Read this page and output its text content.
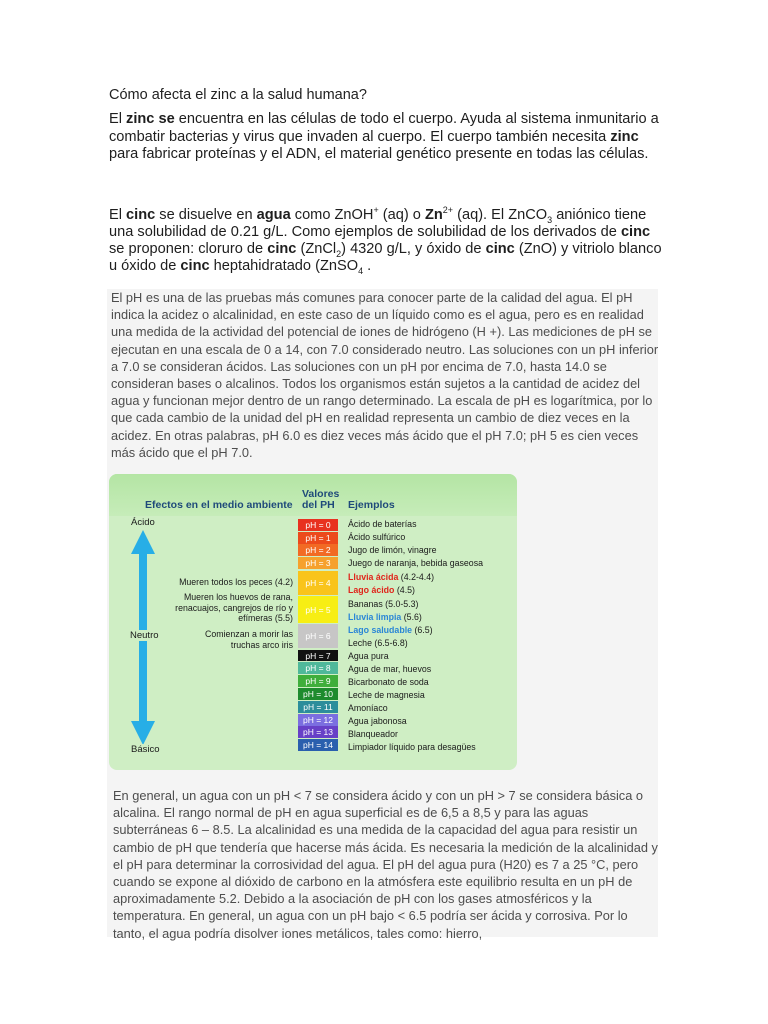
Cómo afecta el zinc a la salud humana?
El zinc se encuentra en las células de todo el cuerpo. Ayuda al sistema inmunitario a combatir bacterias y virus que invaden al cuerpo. El cuerpo también necesita zinc para fabricar proteínas y el ADN, el material genético presente en todas las células.
El cinc se disuelve en agua como ZnOH+ (aq) o $Zn^{2+}$ (aq). El ZnCO$_3$ aniónico tiene una solubilidad de 0.21 g/L. Como ejemplos de solubilidad de los derivados de cinc se proponen: cloruro de cinc (ZnCl$_2$) 4320 g/L, y óxido de cinc (ZnO) y vitriolo blanco u óxido de cinc heptahidratado (ZnSO$_4$ .
El pH es una de las pruebas más comunes para conocer parte de la calidad del agua. El pH indica la acidez o alcalinidad, en este caso de un líquido como es el agua, pero es en realidad una medida de la actividad del potencial de iones de hidrógeno (H +). Las mediciones de pH se ejecutan en una escala de 0 a 14, con 7.0 considerado neutro. Las soluciones con un pH inferior a 7.0 se consideran ácidos. Las soluciones con un pH por encima de 7.0, hasta 14.0 se consideran bases o alcalinos. Todos los organismos están sujetos a la cantidad de acidez del agua y funcionan mejor dentro de un rango determinado. La escala de pH es logarítmica, por lo que cada cambio de la unidad del pH en realidad representa un cambio de diez veces en la acidez. En otras palabras, pH 6.0 es diez veces más ácido que el pH 7.0; pH 5 es cien veces más ácido que el pH 7.0.
Efectos en el medio ambiente
Valores
del PH	Ejemplos
Ácido
Neutro
Básico
Mueren todos los peces (4.2)
Mueren los huevos de rana, renacuajos, cangrejos de río y efímeras (5.5)
Comienzan a morir las truchas arco iris
pH = 0
pH = 1
pH = 2
pH = 3
pH = 4
pH = 5
pH = 6
pH = 7
pH = 8
pH = 9
pH = 10
pH = 11
pH = 12
pH = 13
pH = 14
Ácido de baterías
Ácido sulfúrico
Jugo de limón, vinagre
Juego de naranja, bebida gaseosa
Lluvia ácida (4.2-4.4)
Lago ácido (4.5)
Bananas (5.0-5.3)
Lluvia limpia (5.6)
Lago saludable (6.5)
Leche (6.5-6.8)
Agua pura
Agua de mar, huevos
Bicarbonato de soda
Leche de magnesia
Amoníaco
Agua jabonosa
Blanqueador
Limpiador líquido para desagües
En general, un agua con un pH < 7 se considera ácido y con un pH > 7 se considera básica o alcalina. El rango normal de pH en agua superficial es de 6,5 a 8,5 y para las aguas subterráneas 6 – 8.5. La alcalinidad es una medida de la capacidad del agua para resistir un cambio de pH que tendería que hacerse más ácida. Es necesaria la medición de la alcalinidad y el pH para determinar la corrosividad del agua. El pH del agua pura (H20) es 7 a 25 °C, pero cuando se expone al dióxido de carbono en la atmósfera este equilibrio resulta en un pH de aproximadamente 5.2. Debido a la asociación de pH con los gases atmosféricos y la temperatura. En general, un agua con un pH bajo < 6.5 podría ser ácida y corrosiva. Por lo tanto, el agua podría disolver iones metálicos, tales como: hierro,
